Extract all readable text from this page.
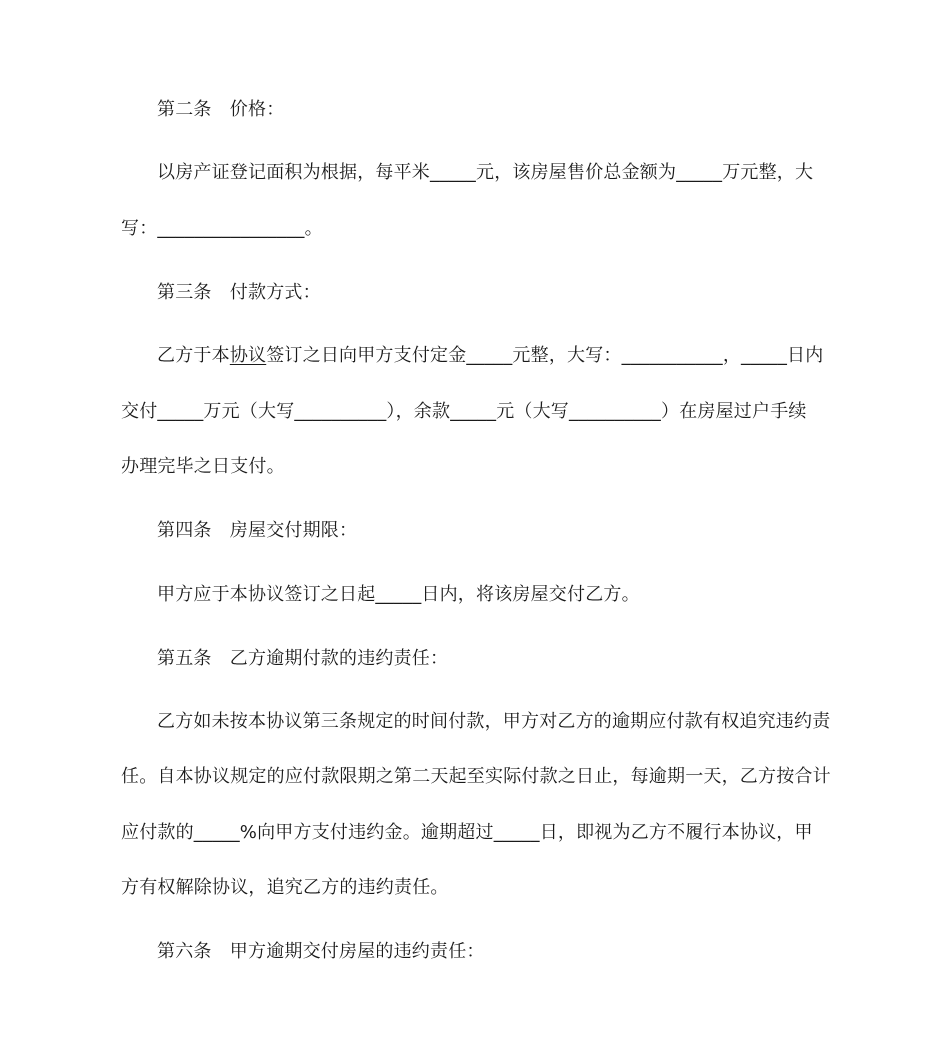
第二条　价格：
以房产证登记面积为根据，每平米_____元，该房屋售价总金额为_____万元整，大
写：________________。
第三条　付款方式：
乙方于本协议签订之日向甲方支付定金_____元整，大写：___________，_____日内
交付_____万元（大写__________），余款_____元（大写__________）在房屋过户手续
办理完毕之日支付。
第四条　房屋交付期限：
甲方应于本协议签订之日起_____日内，将该房屋交付乙方。
第五条　乙方逾期付款的违约责任：
乙方如未按本协议第三条规定的时间付款，甲方对乙方的逾期应付款有权追究违约责
任。自本协议规定的应付款限期之第二天起至实际付款之日止，每逾期一天，乙方按合计
应付款的_____%向甲方支付违约金。逾期超过_____日，即视为乙方不履行本协议，甲
方有权解除协议，追究乙方的违约责任。
第六条　甲方逾期交付房屋的违约责任：
